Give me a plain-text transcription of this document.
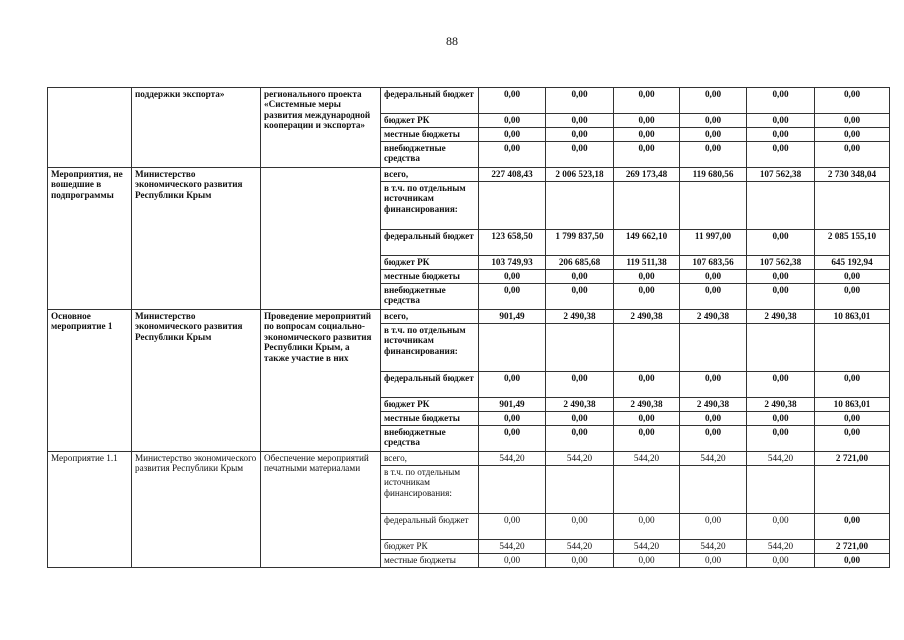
88
	поддержки экспорта»	регионального проекта «Системные меры развития международной кооперации и экспорта»	федеральный бюджет	0,00	0,00	0,00	0,00	0,00	0,00
			бюджет РК	0,00	0,00	0,00	0,00	0,00	0,00
			местные бюджеты	0,00	0,00	0,00	0,00	0,00	0,00
			внебюджетные средства	0,00	0,00	0,00	0,00	0,00	0,00
Мероприятия, не вошедшие в подпрограммы	Министерство экономического развития Республики Крым		всего,	227 408,43	2 006 523,18	269 173,48	119 680,56	107 562,38	2 730 348,04
			в т.ч. по отдельным источникам финансирования:						
			федеральный бюджет	123 658,50	1 799 837,50	149 662,10	11 997,00	0,00	2 085 155,10
			бюджет РК	103 749,93	206 685,68	119 511,38	107 683,56	107 562,38	645 192,94
			местные бюджеты	0,00	0,00	0,00	0,00	0,00	0,00
			внебюджетные средства	0,00	0,00	0,00	0,00	0,00	0,00
Основное мероприятие 1	Министерство экономического развития Республики Крым	Проведение мероприятий по вопросам социально-экономического развития Республики Крым, а также участие в них	всего,	901,49	2 490,38	2 490,38	2 490,38	2 490,38	10 863,01
			в т.ч. по отдельным источникам финансирования:						
			федеральный бюджет	0,00	0,00	0,00	0,00	0,00	0,00
			бюджет РК	901,49	2 490,38	2 490,38	2 490,38	2 490,38	10 863,01
			местные бюджеты	0,00	0,00	0,00	0,00	0,00	0,00
			внебюджетные средства	0,00	0,00	0,00	0,00	0,00	0,00
Мероприятие 1.1	Министерство экономического развития Республики Крым	Обеспечение мероприятий печатными материалами	всего,	544,20	544,20	544,20	544,20	544,20	2 721,00
			в т.ч. по отдельным источникам финансирования:						
			федеральный бюджет	0,00	0,00	0,00	0,00	0,00	0,00
			бюджет РК	544,20	544,20	544,20	544,20	544,20	2 721,00
			местные бюджеты	0,00	0,00	0,00	0,00	0,00	0,00
